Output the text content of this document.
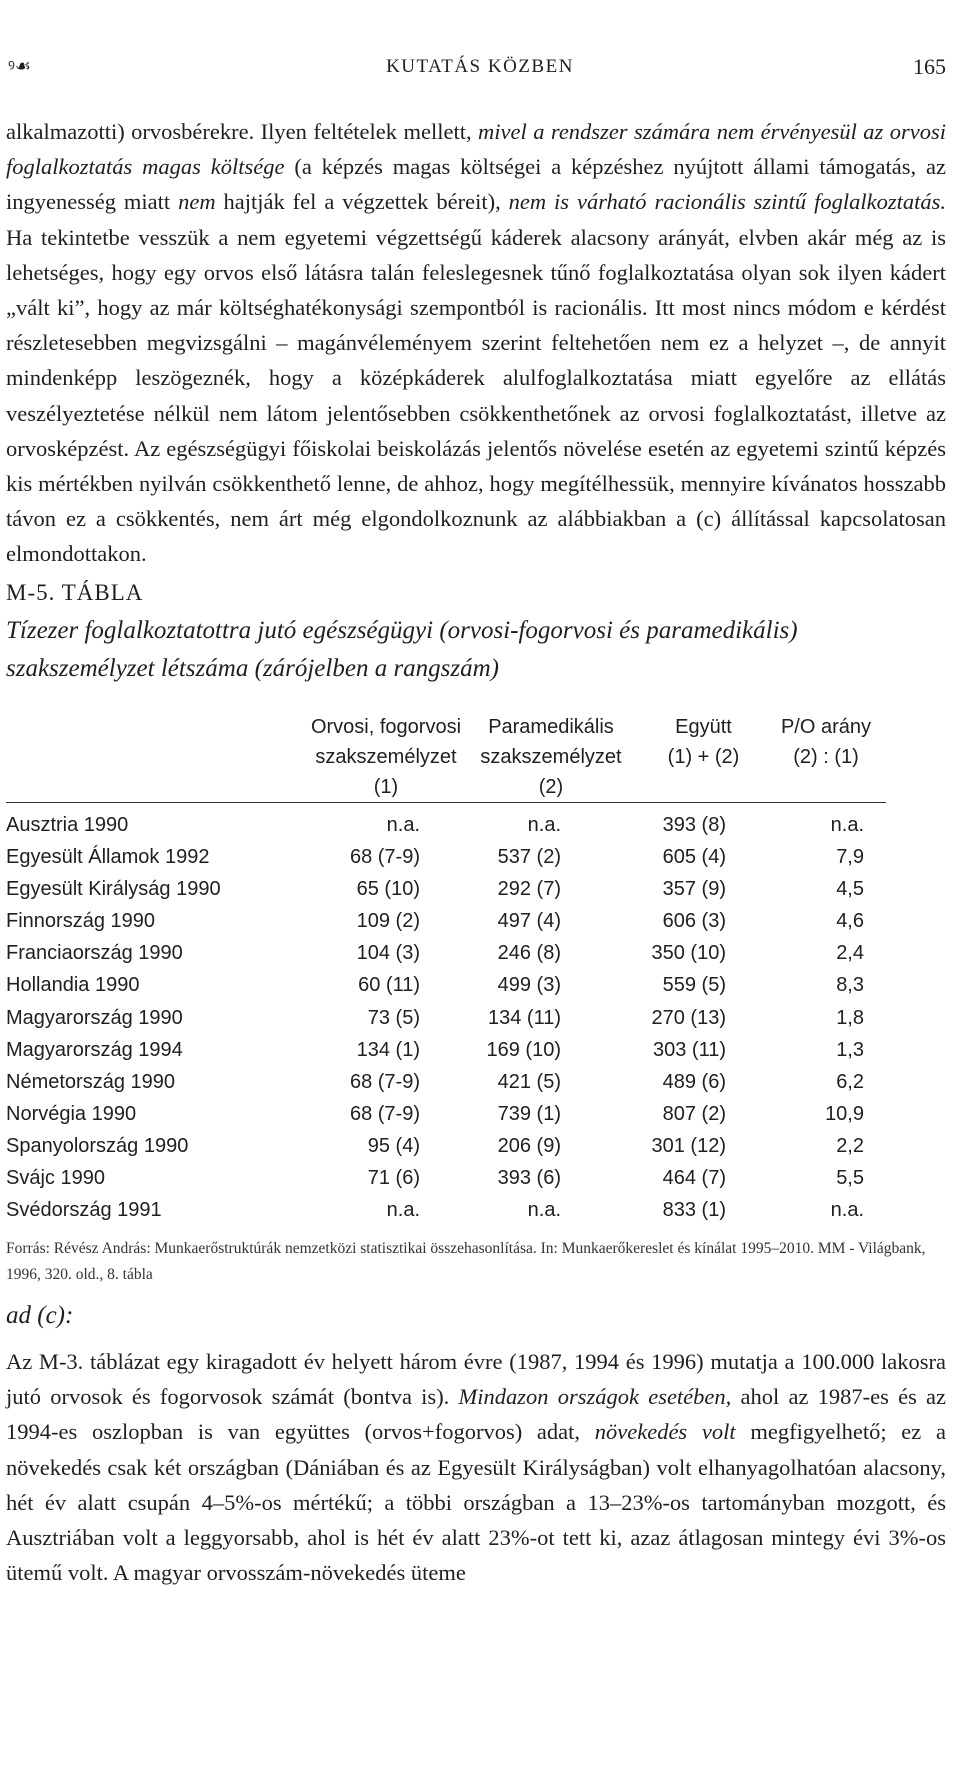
ꝰ☙	KUTATÁS KÖZBEN	165
alkalmazotti) orvosbérekre. Ilyen feltételek mellett, mivel a rendszer számára nem érvényesül az orvosi foglalkoztatás magas költsége (a képzés magas költségei a képzéshez nyújtott állami támogatás, az ingyenesség miatt nem hajtják fel a végzettek béreit), nem is várható racionális szintű foglalkoztatás. Ha tekintetbe vesszük a nem egyetemi végzettségű káderek alacsony arányát, elvben akár még az is lehetséges, hogy egy orvos első látásra talán feleslegesnek tűnő foglalkoztatása olyan sok ilyen kádert „vált ki”, hogy az már költséghatékonysági szempontból is racionális. Itt most nincs módom e kérdést részletesebben megvizsgálni – magánvéleményem szerint feltehetően nem ez a helyzet –, de annyit mindenképp leszögeznék, hogy a középkáderek alulfoglalkoztatása miatt egyelőre az ellátás veszélyeztetése nélkül nem látom jelentősebben csökkenthetőnek az orvosi foglalkoztatást, illetve az orvosképzést. Az egészségügyi főiskolai beiskolázás jelentős növelése esetén az egyetemi szintű képzés kis mértékben nyilván csökkenthető lenne, de ahhoz, hogy megítélhessük, mennyire kívánatos hosszabb távon ez a csökkentés, nem árt még elgondolkoznunk az alábbiakban a (c) állítással kapcsolatosan elmondottakon.
M-5. TÁBLA
Tízezer foglalkoztatottra jutó egészségügyi (orvosi-fogorvosi és paramedikális) szakszemélyzet létszáma (zárójelben a rangszám)
Orvosi, fogorvosi
szakszemélyzet
(1)
Paramedikális
szakszemélyzet
(2)
Együtt
(1) + (2)
P/O arány
(2) : (1)
Ausztria 1990	n.a.	n.a.	393 (8)	n.a.
Egyesült Államok 1992	68 (7-9)	537 (2)	605 (4)	7,9
Egyesült Királyság 1990	65 (10)	292 (7)	357 (9)	4,5
Finnország 1990	109 (2)	497 (4)	606 (3)	4,6
Franciaország 1990	104 (3)	246 (8)	350 (10)	2,4
Hollandia 1990	60 (11)	499 (3)	559 (5)	8,3
Magyarország 1990	73 (5)	134 (11)	270 (13)	1,8
Magyarország 1994	134 (1)	169 (10)	303 (11)	1,3
Németország 1990	68 (7-9)	421 (5)	489 (6)	6,2
Norvégia 1990	68 (7-9)	739 (1)	807 (2)	10,9
Spanyolország 1990	95 (4)	206 (9)	301 (12)	2,2
Svájc 1990	71 (6)	393 (6)	464 (7)	5,5
Svédország 1991	n.a.	n.a.	833 (1)	n.a.
Forrás: Révész András: Munkaerőstruktúrák nemzetközi statisztikai összehasonlítása. In: Munkaerőkereslet és kínálat 1995–2010. MM - Világbank, 1996, 320. old., 8. tábla
ad (c):
Az M-3. táblázat egy kiragadott év helyett három évre (1987, 1994 és 1996) mutatja a 100.000 lakosra jutó orvosok és fogorvosok számát (bontva is). Mindazon országok esetében, ahol az 1987-es és az 1994-es oszlopban is van együttes (orvos+fogorvos) adat, növekedés volt megfigyelhető; ez a növekedés csak két országban (Dániában és az Egyesült Királyságban) volt elhanyagolhatóan alacsony, hét év alatt csupán 4–5%-os mértékű; a többi országban a 13–23%-os tartományban mozgott, és Ausztriában volt a leggyorsabb, ahol is hét év alatt 23%-ot tett ki, azaz átlagosan mintegy évi 3%-os ütemű volt. A magyar orvosszám-növekedés üteme
